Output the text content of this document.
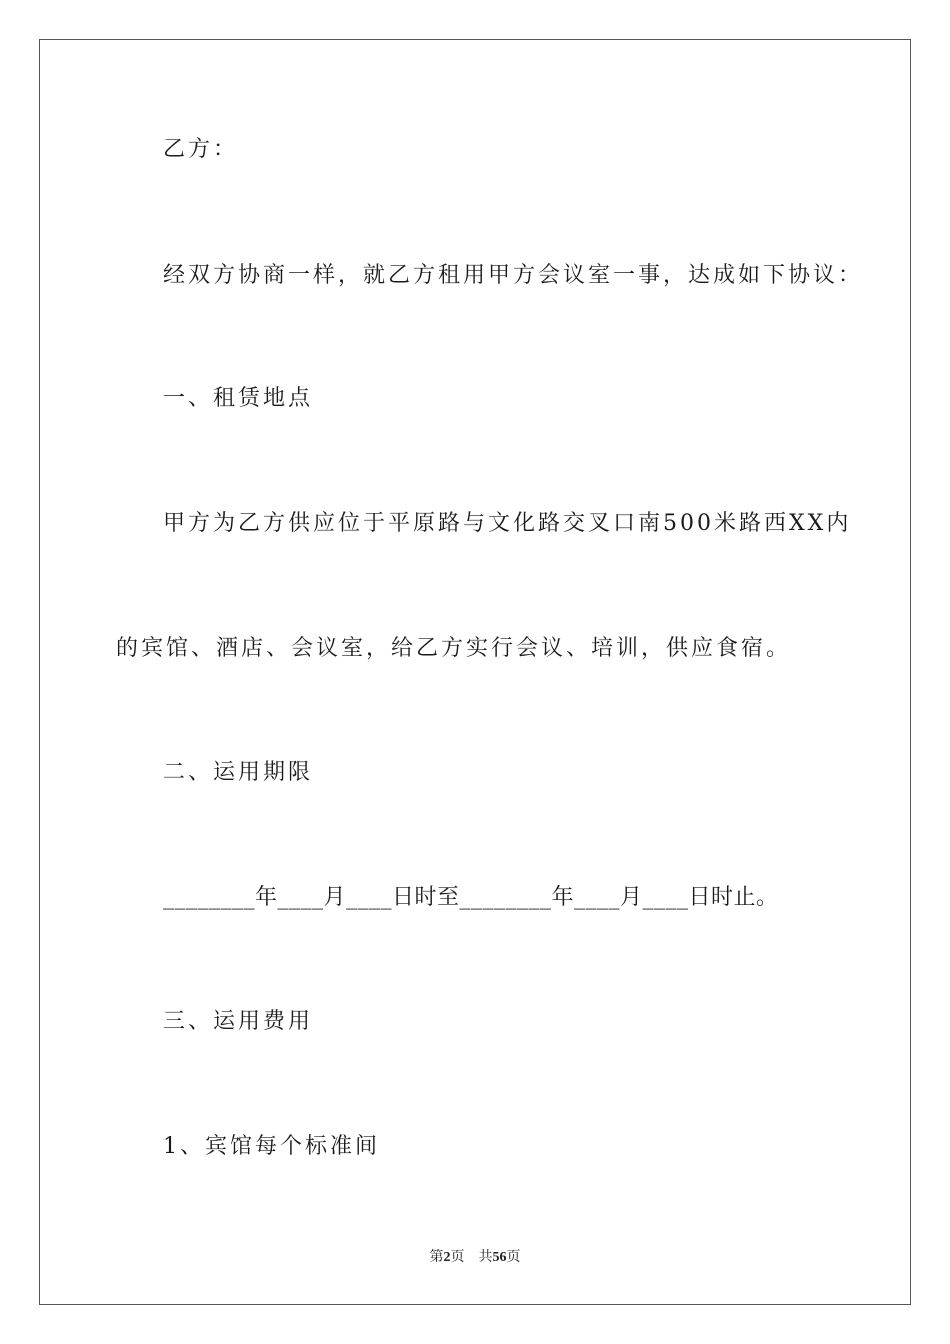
乙方：
经双方协商一样，就乙方租用甲方会议室一事，达成如下协议：
一、租赁地点
甲方为乙方供应位于平原路与文化路交叉口南500米路西XX内
的宾馆、酒店、会议室，给乙方实行会议、培训，供应食宿。
二、运用期限
________年____月____日时至________年____月____日时止。
三、运用费用
1、宾馆每个标准间
第2页 共56页
